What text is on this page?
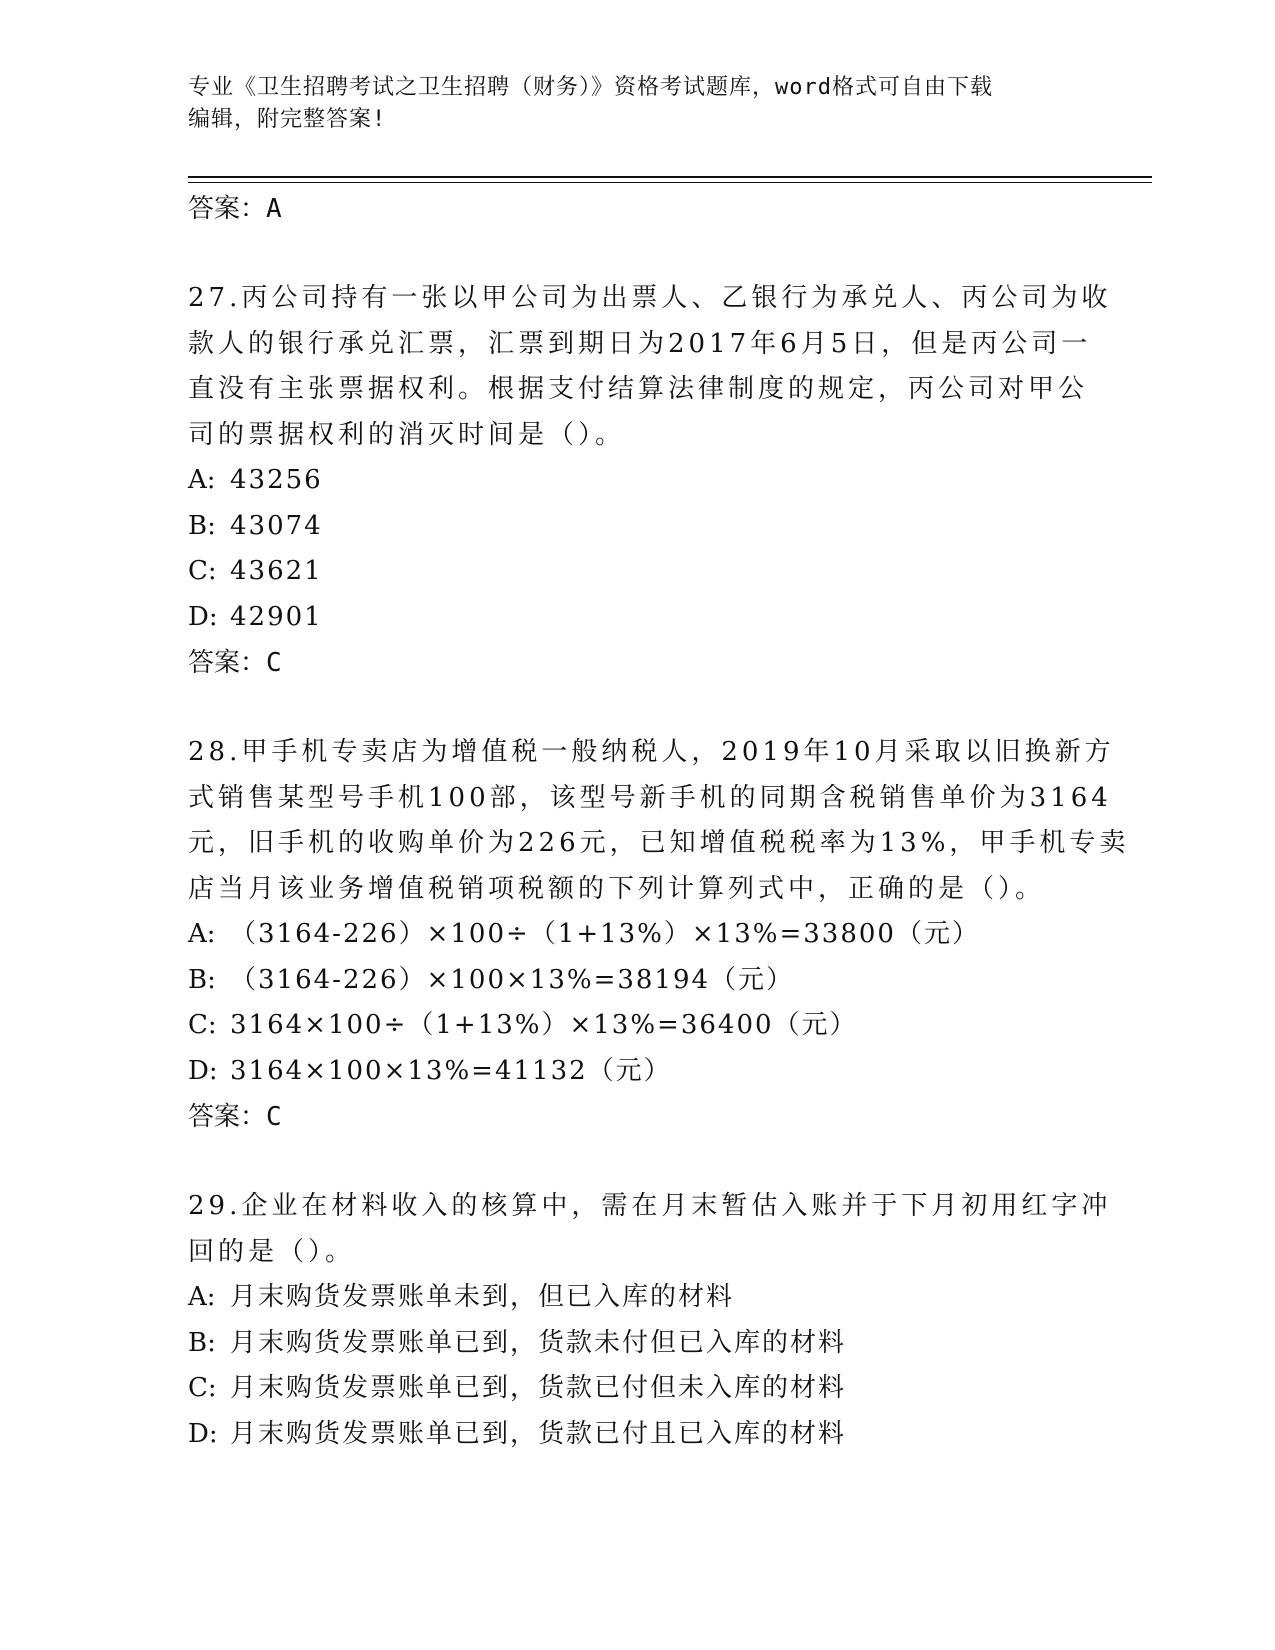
专业《卫生招聘考试之卫生招聘（财务）》资格考试题库，word格式可自由下载
编辑，附完整答案!
答案：A
27.丙公司持有一张以甲公司为出票人、乙银行为承兑人、丙公司为收
款人的银行承兑汇票，汇票到期日为2017年6月5日，但是丙公司一
直没有主张票据权利。根据支付结算法律制度的规定，丙公司对甲公
司的票据权利的消灭时间是（）。
A: 43256
B: 43074
C: 43621
D: 42901
答案：C
28.甲手机专卖店为增值税一般纳税人，2019年10月采取以旧换新方
式销售某型号手机100部，该型号新手机的同期含税销售单价为3164
元，旧手机的收购单价为226元，已知增值税税率为13%，甲手机专卖
店当月该业务增值税销项税额的下列计算列式中，正确的是（）。
A: （3164-226）×100÷（1+13%）×13%=33800（元）
B: （3164-226）×100×13%=38194（元）
C: 3164×100÷（1+13%）×13%=36400（元）
D: 3164×100×13%=41132（元）
答案：C
29.企业在材料收入的核算中，需在月末暂估入账并于下月初用红字冲
回的是（）。
A: 月末购货发票账单未到，但已入库的材料
B: 月末购货发票账单已到，货款未付但已入库的材料
C: 月末购货发票账单已到，货款已付但未入库的材料
D: 月末购货发票账单已到，货款已付且已入库的材料
